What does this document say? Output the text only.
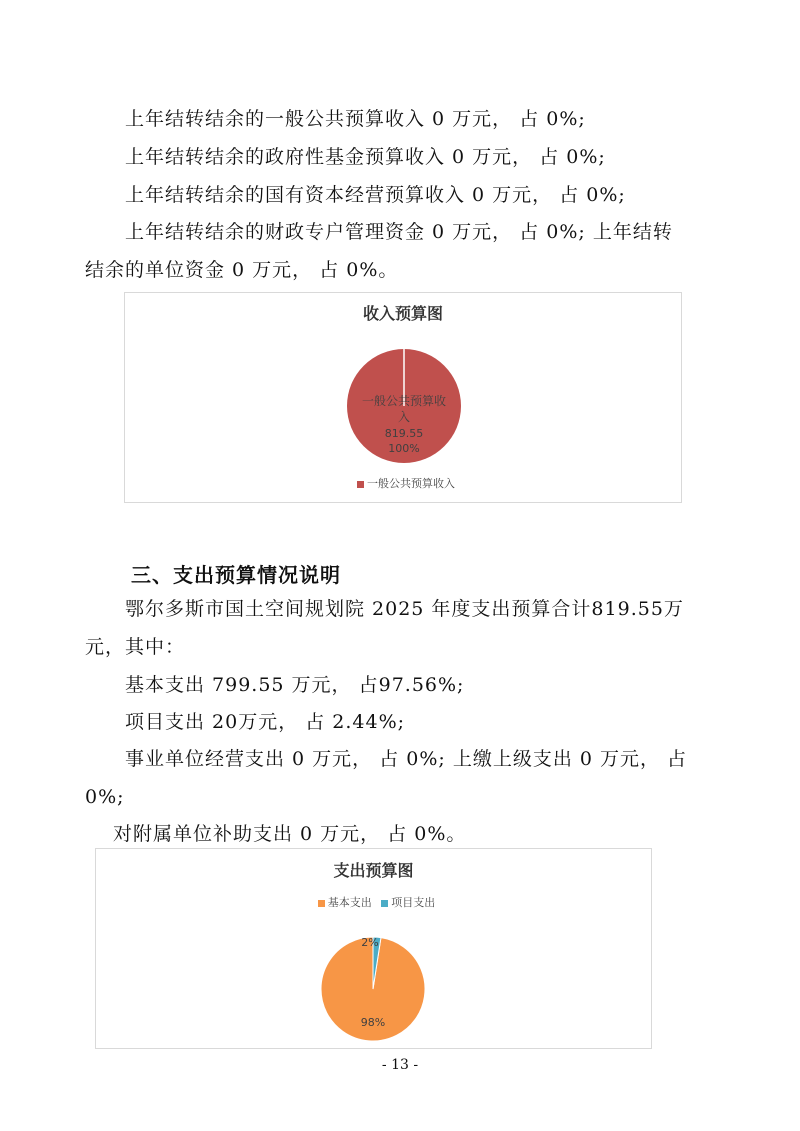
上年结转结余的一般公共预算收入 0 万元， 占 0%;
上年结转结余的政府性基金预算收入 0 万元， 占 0%;
上年结转结余的国有资本经营预算收入 0 万元， 占 0%;
上年结转结余的财政专户管理资金 0 万元， 占 0%; 上年结转
结余的单位资金 0 万元， 占 0%。
收入预算图
一般公共预算收
入
819.55
100%
一般公共预算收入
三、支出预算情况说明
鄂尔多斯市国土空间规划院 2025 年度支出预算合计819.55万
元，其中：
基本支出 799.55 万元， 占97.56%;
项目支出 20万元， 占 2.44%;
事业单位经营支出 0 万元， 占 0%; 上缴上级支出 0 万元， 占
0%;
对附属单位补助支出 0 万元， 占 0%。
支出预算图
基本支出 项目支出
2%
98%
- 13 -
